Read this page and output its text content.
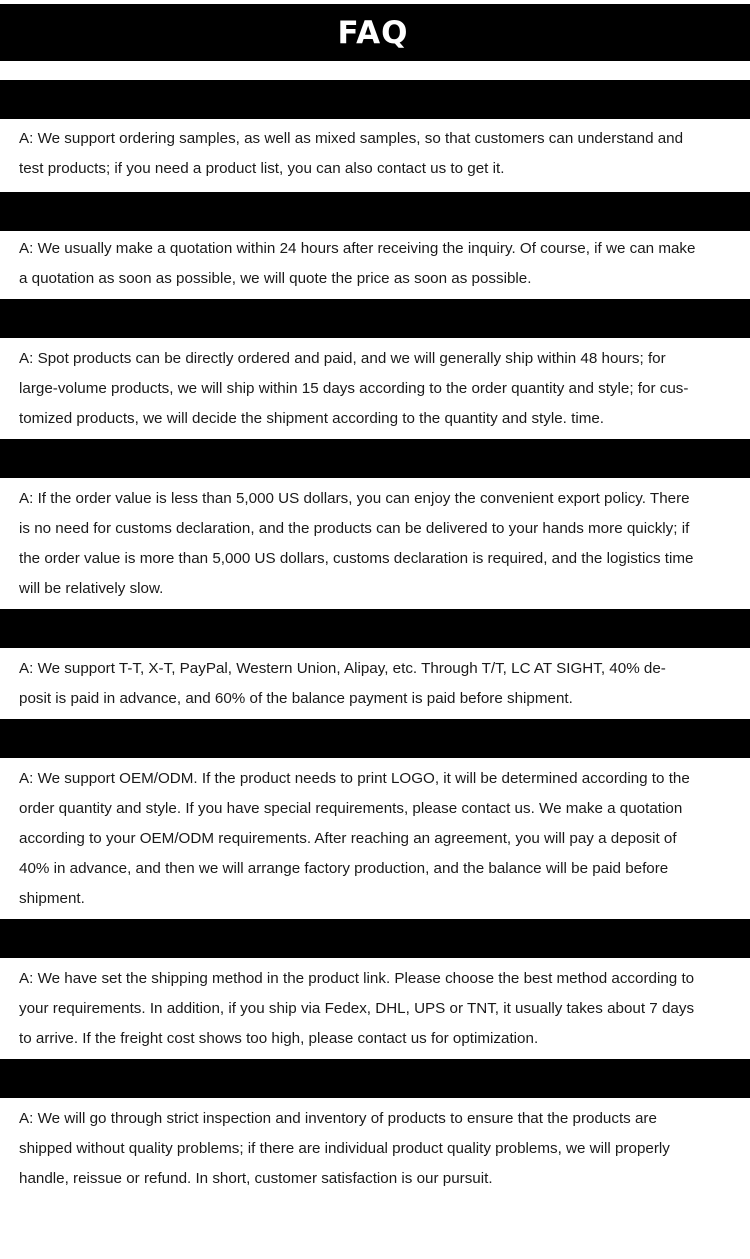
FAQ

A: We support ordering samples, as well as mixed samples, so that customers can understand and
test products; if you need a product list, you can also contact us to get it.

A: We usually make a quotation within 24 hours after receiving the inquiry. Of course, if we can make
a quotation as soon as possible, we will quote the price as soon as possible.

A: Spot products can be directly ordered and paid, and we will generally ship within 48 hours; for
large-volume products, we will ship within 15 days according to the order quantity and style; for cus-
tomized products, we will decide the shipment according to the quantity and style. time.

A: If the order value is less than 5,000 US dollars, you can enjoy the convenient export policy. There
is no need for customs declaration, and the products can be delivered to your hands more quickly; if
the order value is more than 5,000 US dollars, customs declaration is required, and the logistics time
will be relatively slow.

A: We support T-T, X-T, PayPal, Western Union, Alipay, etc. Through T/T, LC AT SIGHT, 40% de-
posit is paid in advance, and 60% of the balance payment is paid before shipment.

A: We support OEM/ODM. If the product needs to print LOGO, it will be determined according to the
order quantity and style. If you have special requirements, please contact us. We make a quotation
according to your OEM/ODM requirements. After reaching an agreement, you will pay a deposit of
40% in advance, and then we will arrange factory production, and the balance will be paid before
shipment.

A: We have set the shipping method in the product link. Please choose the best method according to
your requirements. In addition, if you ship via Fedex, DHL, UPS or TNT, it usually takes about 7 days
to arrive. If the freight cost shows too high, please contact us for optimization.

A: We will go through strict inspection and inventory of products to ensure that the products are
shipped without quality problems; if there are individual product quality problems, we will properly
handle, reissue or refund. In short, customer satisfaction is our pursuit.
